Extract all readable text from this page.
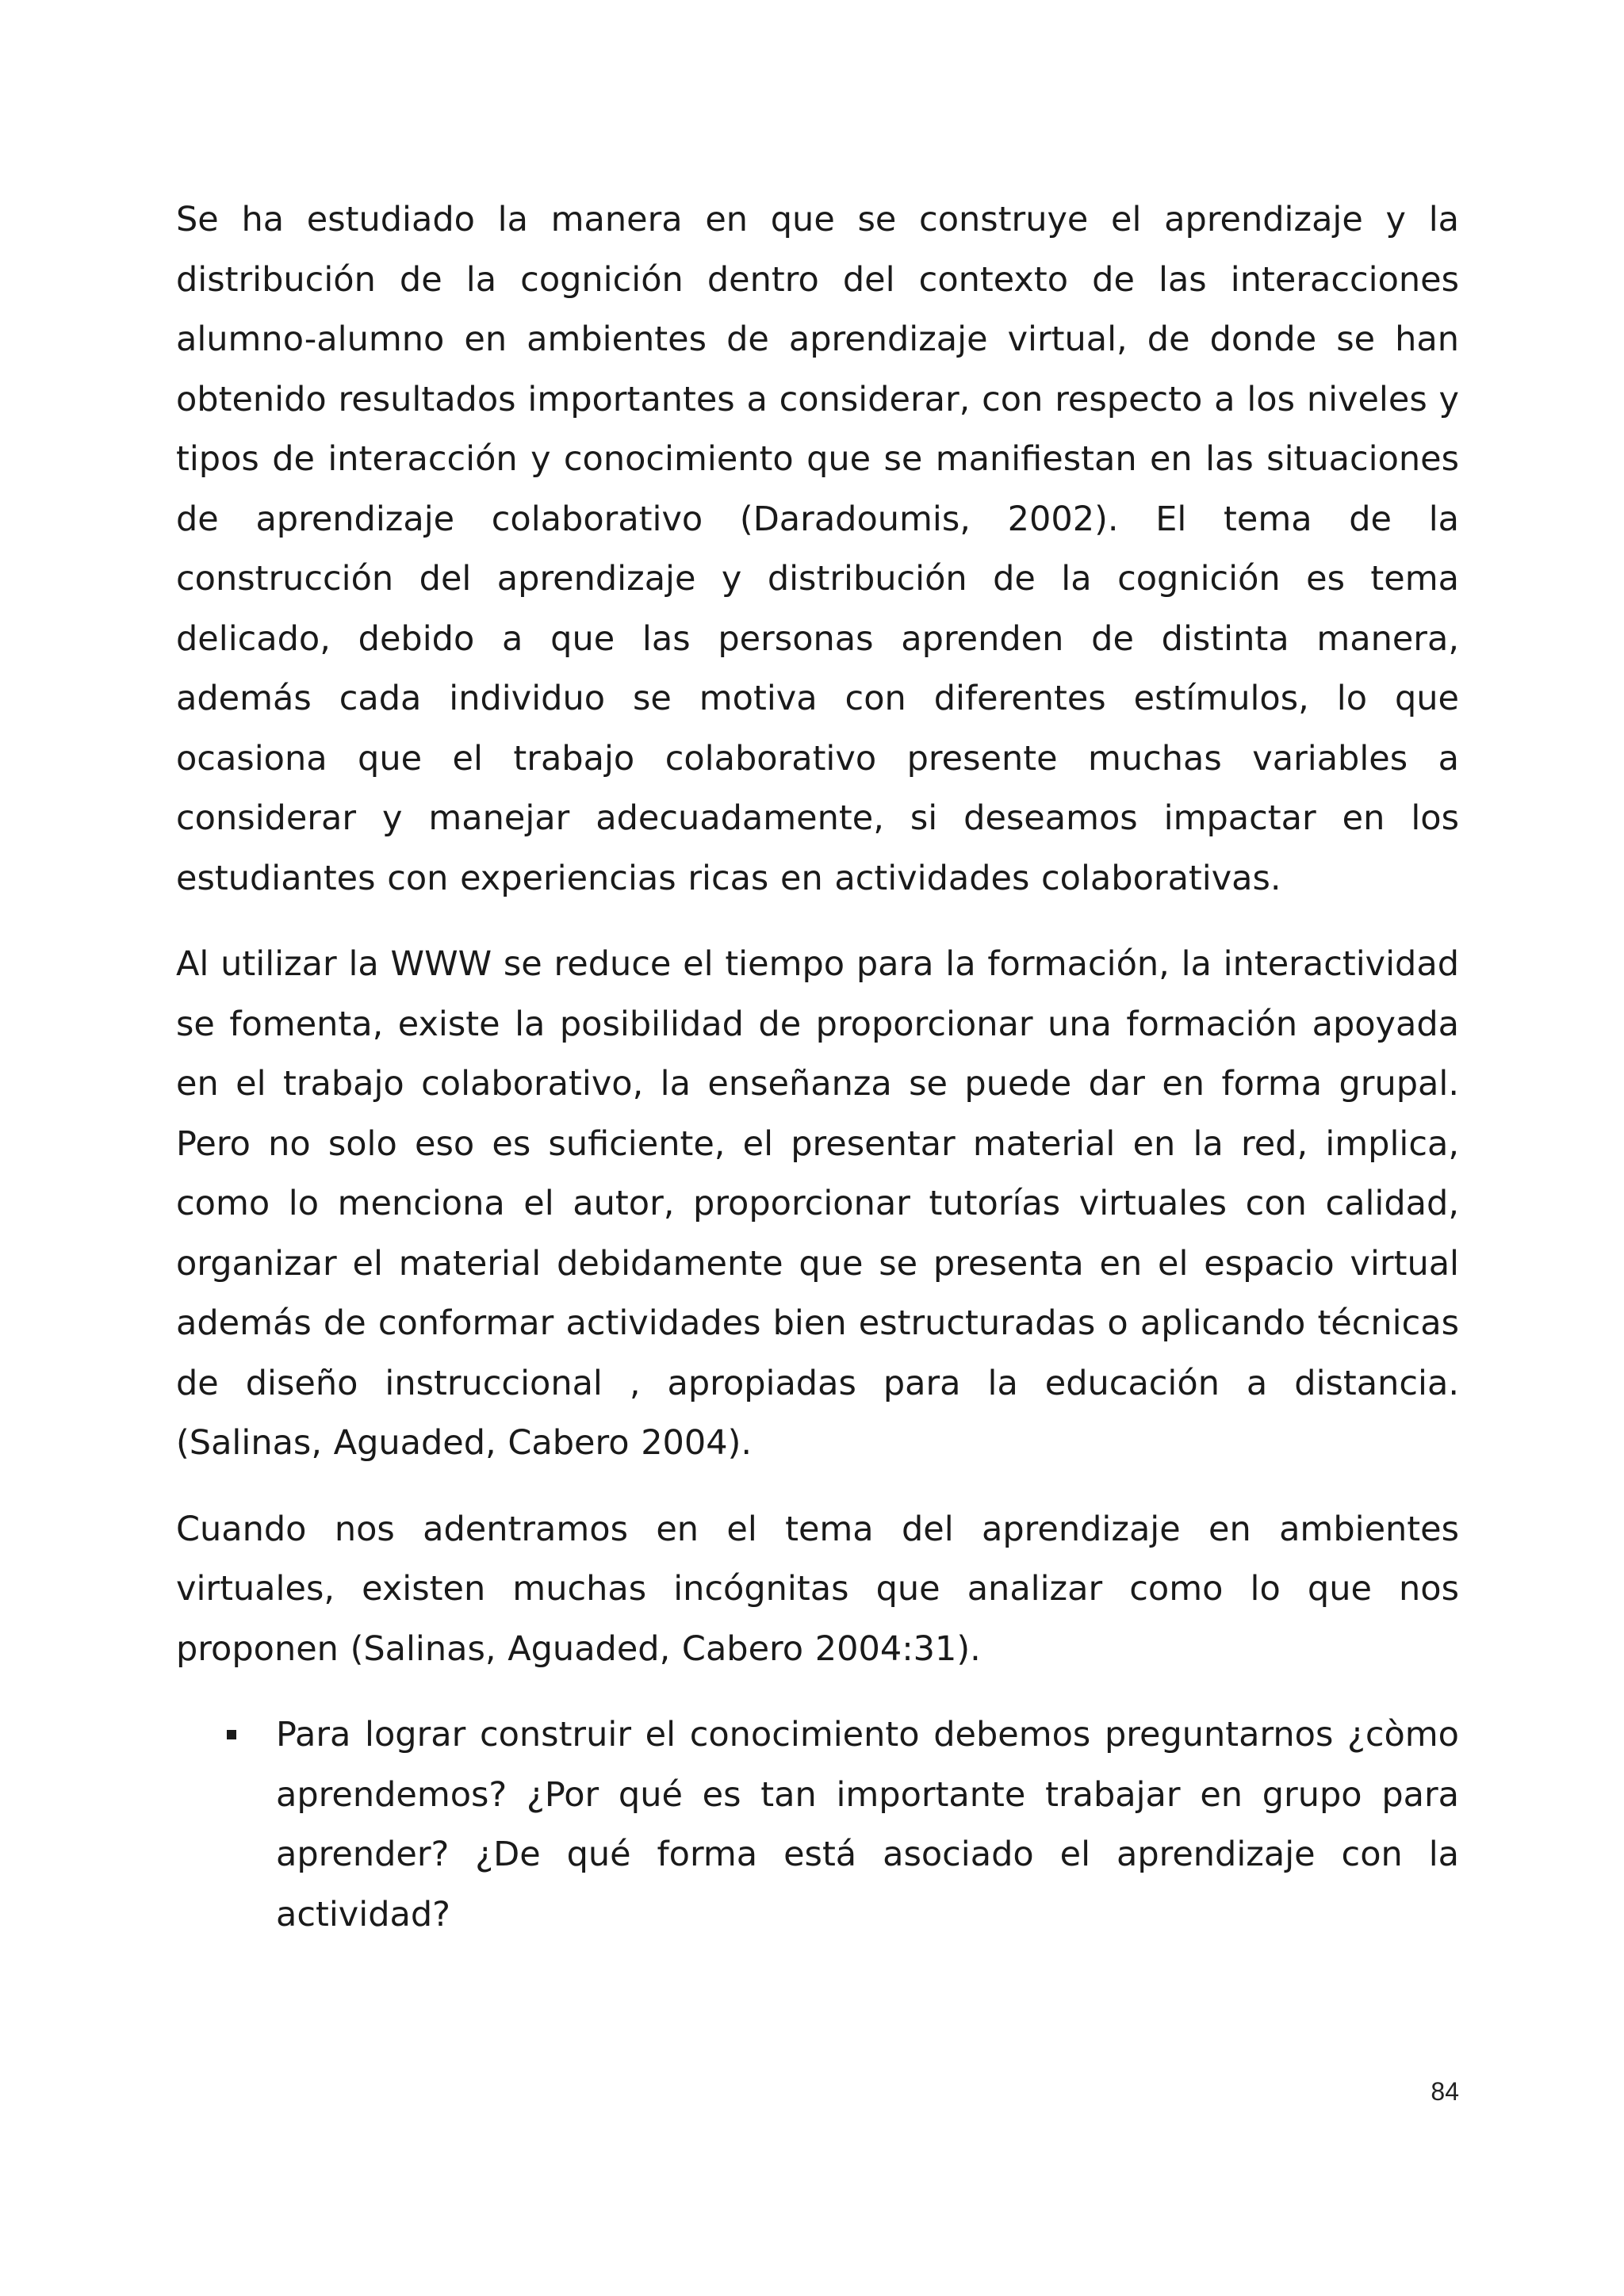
Se ha estudiado la manera en que se construye el aprendizaje y la distribución de la cognición dentro del contexto de las interacciones alumno-alumno en ambientes de aprendizaje virtual, de donde se han obtenido resultados importantes a considerar, con respecto a los niveles y tipos de interacción y conocimiento que se manifiestan en las situaciones de aprendizaje colaborativo (Daradoumis, 2002). El tema de la construcción del aprendizaje y distribución de la cognición es tema delicado, debido a que las personas aprenden de distinta manera, además cada individuo se motiva con diferentes estímulos, lo que ocasiona que el trabajo colaborativo presente muchas variables a considerar y manejar adecuadamente, si deseamos impactar en los estudiantes con experiencias ricas en actividades colaborativas.

Al utilizar la WWW se reduce el tiempo para la formación, la interactividad se fomenta, existe la posibilidad de proporcionar una formación apoyada en el trabajo colaborativo, la enseñanza se puede dar en forma grupal. Pero no solo eso es suficiente, el presentar material en la red, implica, como lo menciona el autor, proporcionar tutorías virtuales con calidad, organizar el material debidamente que se presenta en el espacio virtual además de conformar actividades bien estructuradas o aplicando técnicas de diseño instruccional , apropiadas para la educación a distancia. (Salinas, Aguaded, Cabero 2004).

Cuando nos adentramos en el tema del aprendizaje en ambientes virtuales, existen muchas incógnitas que analizar como lo que nos proponen (Salinas, Aguaded, Cabero 2004:31).

Para lograr construir el conocimiento debemos preguntarnos ¿còmo aprendemos? ¿Por qué es tan importante trabajar en grupo para aprender? ¿De qué forma está asociado el aprendizaje con la actividad?
84
